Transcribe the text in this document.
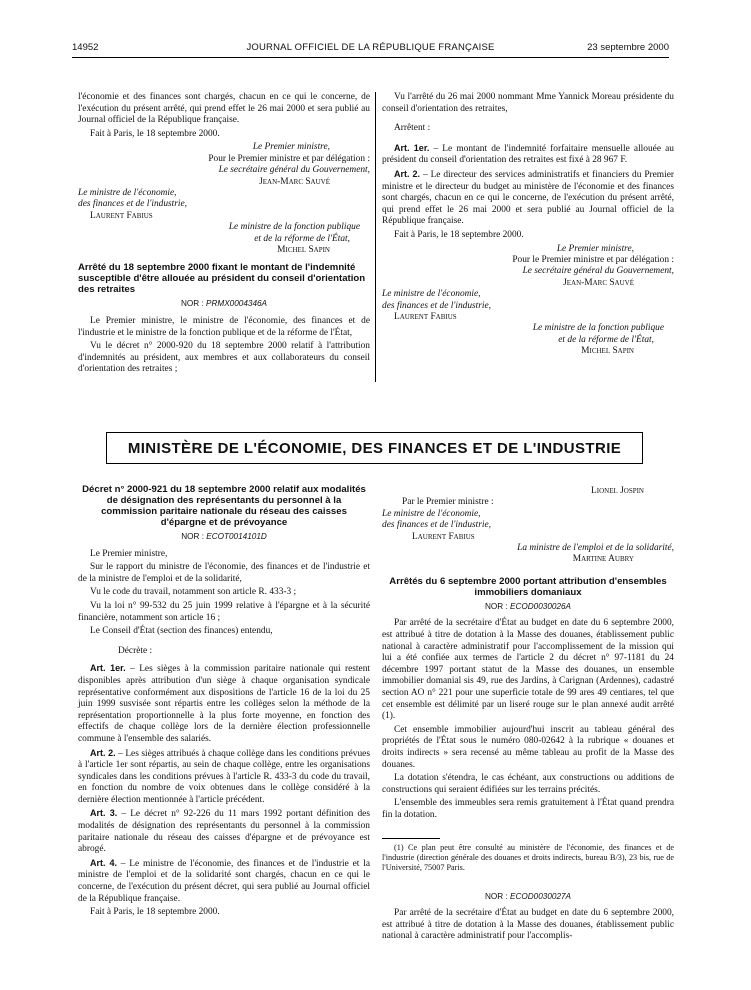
14952	JOURNAL OFFICIEL DE LA RÉPUBLIQUE FRANÇAISE	23 septembre 2000

l'économie et des finances sont chargés, chacun en ce qui le concerne, de l'exécution du présent arrêté, qui prend effet le 26 mai 2000 et sera publié au Journal officiel de la République française.

Fait à Paris, le 18 septembre 2000.

Le Premier ministre,
Pour le Premier ministre et par délégation :
Le secrétaire général du Gouvernement,
Jean-Marc Sauvé
Le ministre de l'économie,
des finances et de l'industrie,
Laurent Fabius
Le ministre de la fonction publique
et de la réforme de l'État,
Michel Sapin
Arrêté du 18 septembre 2000 fixant le montant de l'indemnité susceptible d'être allouée au président du conseil d'orientation des retraites
NOR : PRMX0004346A

Le Premier ministre, le ministre de l'économie, des finances et de l'industrie et le ministre de la fonction publique et de la réforme de l'État,

Vu le décret n° 2000-920 du 18 septembre 2000 relatif à l'attribution d'indemnités au président, aux membres et aux collaborateurs du conseil d'orientation des retraites ;

Vu l'arrêté du 26 mai 2000 nommant Mme Yannick Moreau présidente du conseil d'orientation des retraites,

Arrêtent :

Art. 1er. – Le montant de l'indemnité forfaitaire mensuelle allouée au président du conseil d'orientation des retraites est fixé à 28 967 F.

Art. 2. – Le directeur des services administratifs et financiers du Premier ministre et le directeur du budget au ministère de l'économie et des finances sont chargés, chacun en ce qui le concerne, de l'exécution du présent arrêté, qui prend effet le 26 mai 2000 et sera publié au Journal officiel de la République française.

Fait à Paris, le 18 septembre 2000.

Le Premier ministre,
Pour le Premier ministre et par délégation :
Le secrétaire général du Gouvernement,
Jean-Marc Sauvé
Le ministre de l'économie,
des finances et de l'industrie,
Laurent Fabius
Le ministre de la fonction publique
et de la réforme de l'État,
Michel Sapin
MINISTÈRE DE L'ÉCONOMIE, DES FINANCES ET DE L'INDUSTRIE
Décret n° 2000-921 du 18 septembre 2000 relatif aux modalités de désignation des représentants du personnel à la commission paritaire nationale du réseau des caisses d'épargne et de prévoyance
NOR : ECOT0014101D

Le Premier ministre,

Sur le rapport du ministre de l'économie, des finances et de l'industrie et de la ministre de l'emploi et de la solidarité,

Vu le code du travail, notamment son article R. 433-3 ;

Vu la loi n° 99-532 du 25 juin 1999 relative à l'épargne et à la sécurité financière, notamment son article 16 ;

Le Conseil d'État (section des finances) entendu,

Décrète :

Art. 1er. – Les sièges à la commission paritaire nationale qui restent disponibles après attribution d'un siège à chaque organisation syndicale représentative conformément aux dispositions de l'article 16 de la loi du 25 juin 1999 susvisée sont répartis entre les collèges selon la méthode de la représentation proportionnelle à la plus forte moyenne, en fonction des effectifs de chaque collège lors de la dernière élection professionnelle commune à l'ensemble des salariés.

Art. 2. – Les sièges attribués à chaque collège dans les conditions prévues à l'article 1er sont répartis, au sein de chaque collège, entre les organisations syndicales dans les conditions prévues à l'article R. 433-3 du code du travail, en fonction du nombre de voix obtenues dans le collège considéré à la dernière élection mentionnée à l'article précédent.

Art. 3. – Le décret n° 92-226 du 11 mars 1992 portant définition des modalités de désignation des représentants du personnel à la commission paritaire nationale du réseau des caisses d'épargne et de prévoyance est abrogé.

Art. 4. – Le ministre de l'économie, des finances et de l'industrie et la ministre de l'emploi et de la solidarité sont chargés, chacun en ce qui le concerne, de l'exécution du présent décret, qui sera publié au Journal officiel de la République française.

Fait à Paris, le 18 septembre 2000.

Lionel Jospin
Par le Premier ministre :
Le ministre de l'économie,
des finances et de l'industrie,
Laurent Fabius
La ministre de l'emploi et de la solidarité,
Martine Aubry
Arrêtés du 6 septembre 2000 portant attribution d'ensembles immobiliers domaniaux
NOR : ECOD0030026A

Par arrêté de la secrétaire d'État au budget en date du 6 septembre 2000, est attribué à titre de dotation à la Masse des douanes, établissement public national à caractère administratif pour l'accomplissement de la mission qui lui a été confiée aux termes de l'article 2 du décret n° 97-1181 du 24 décembre 1997 portant statut de la Masse des douanes, un ensemble immobilier domanial sis 49, rue des Jardins, à Carignan (Ardennes), cadastré section AO n° 221 pour une superficie totale de 99 ares 49 centiares, tel que cet ensemble est délimité par un liseré rouge sur le plan annexé audit arrêté (1).

Cet ensemble immobilier aujourd'hui inscrit au tableau général des propriétés de l'État sous le numéro 080-02642 à la rubrique « douanes et droits indirects » sera recensé au même tableau au profit de la Masse des douanes.

La dotation s'étendra, le cas échéant, aux constructions ou additions de constructions qui seraient édifiées sur les terrains précités.

L'ensemble des immeubles sera remis gratuitement à l'État quand prendra fin la dotation.

(1) Ce plan peut être consulté au ministère de l'économie, des finances et de l'industrie (direction générale des douanes et droits indirects, bureau B/3), 23 bis, rue de l'Université, 75007 Paris.

NOR : ECOD0030027A

Par arrêté de la secrétaire d'État au budget en date du 6 septembre 2000, est attribué à titre de dotation à la Masse des douanes, établissement public national à caractère administratif pour l'accomplis-
